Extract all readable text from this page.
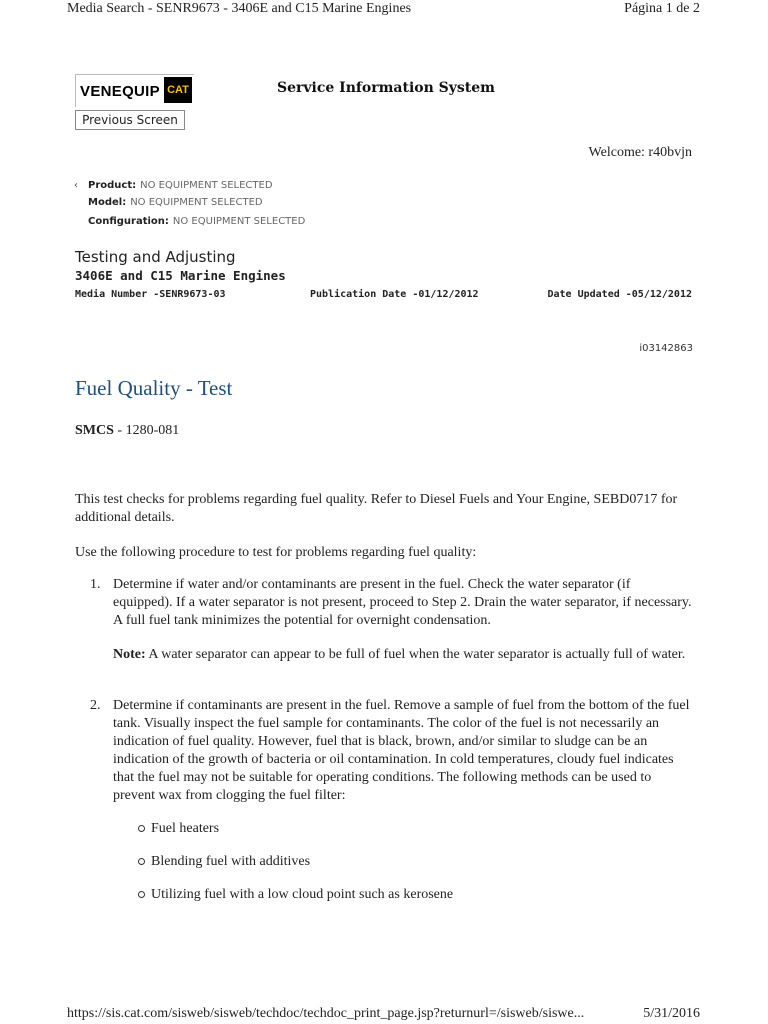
Media Search - SENR9673 - 3406E and C15 Marine Engines	Página 1 de 2
VENEQUIP CAT	Service Information System
Previous Screen
Welcome: r40bvjn
‹ Product: NO EQUIPMENT SELECTED
Model: NO EQUIPMENT SELECTED
Configuration: NO EQUIPMENT SELECTED
Testing and Adjusting
3406E and C15 Marine Engines
Media Number -SENR9673-03	Publication Date -01/12/2012	Date Updated -05/12/2012
i03142863
Fuel Quality - Test
SMCS - 1280-081
This test checks for problems regarding fuel quality. Refer to Diesel Fuels and Your Engine, SEBD0717 for additional details.
Use the following procedure to test for problems regarding fuel quality:
1. Determine if water and/or contaminants are present in the fuel. Check the water separator (if equipped). If a water separator is not present, proceed to Step 2. Drain the water separator, if necessary. A full fuel tank minimizes the potential for overnight condensation.
Note: A water separator can appear to be full of fuel when the water separator is actually full of water.
2. Determine if contaminants are present in the fuel. Remove a sample of fuel from the bottom of the fuel tank. Visually inspect the fuel sample for contaminants. The color of the fuel is not necessarily an indication of fuel quality. However, fuel that is black, brown, and/or similar to sludge can be an indication of the growth of bacteria or oil contamination. In cold temperatures, cloudy fuel indicates that the fuel may not be suitable for operating conditions. The following methods can be used to prevent wax from clogging the fuel filter:
Fuel heaters
Blending fuel with additives
Utilizing fuel with a low cloud point such as kerosene
https://sis.cat.com/sisweb/sisweb/techdoc/techdoc_print_page.jsp?returnurl=/sisweb/siswe...	5/31/2016
